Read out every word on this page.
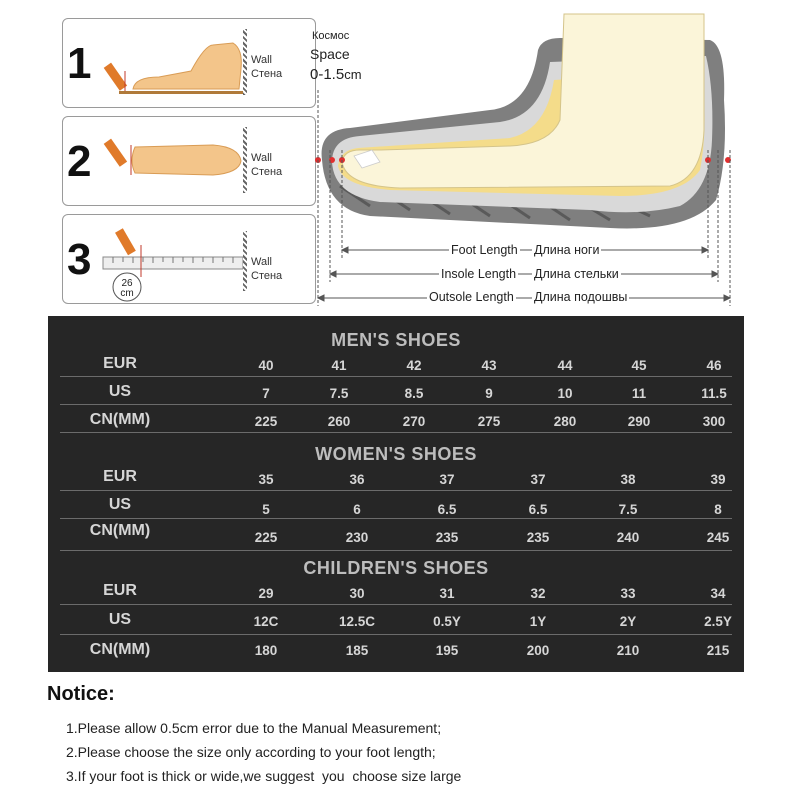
1	Wall
Стена
2	Wall
Стена
3	26 cm
Wall
Стена
Космос
Space
0-1.5cm
Foot Length Длина ноги
Insole Length Длина стельки
Outsole Length Длина подошвы
MEN'S SHOES
EUR	40	41	42	43	44	45	46
US	7	7.5	8.5	9	10	11	11.5
CN(MM)	225	260	270	275	280	290	300
WOMEN'S SHOES
EUR	35	36	37	37	38	39
US	5	6	6.5	6.5	7.5	8
CN(MM)	225	230	235	235	240	245
CHILDREN'S SHOES
EUR	29	30	31	32	33	34
US	12C	12.5C	0.5Y	1Y	2Y	2.5Y
CN(MM)	180	185	195	200	210	215
Notice:
1.Please allow 0.5cm error due to the Manual Measurement;
2.Please choose the size only according to your foot length;
3.If your foot is thick or wide,we suggest  you  choose size large
